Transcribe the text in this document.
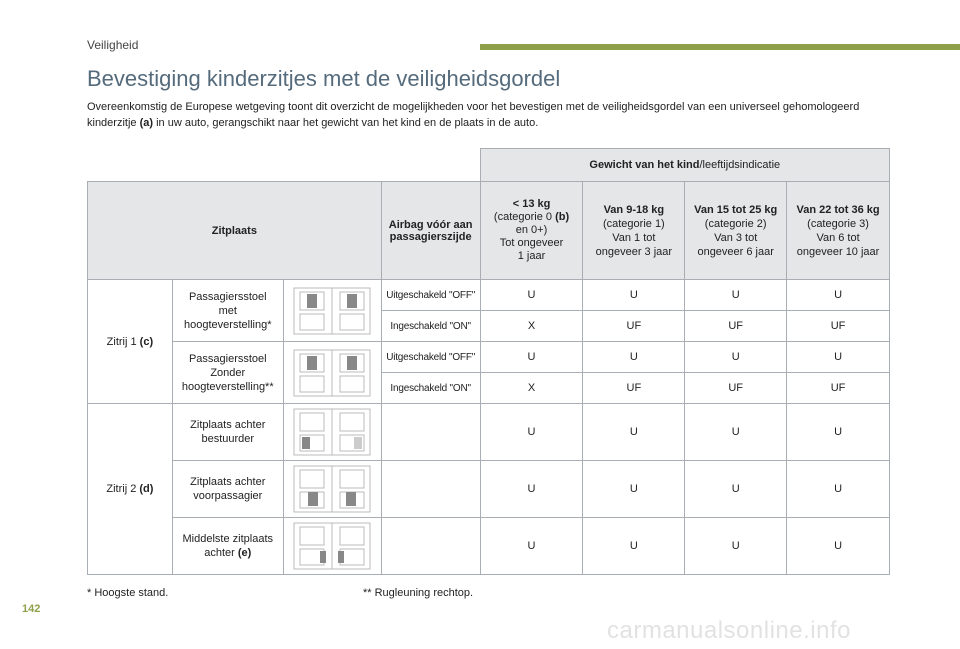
Veiligheid
Bevestiging kinderzitjes met de veiligheidsgordel

Overeenkomstig de Europese wetgeving toont dit overzicht de mogelijkheden voor het bevestigen met de veiligheidsgordel van een universeel gehomologeerd kinderzitje (a) in uw auto, gerangschikt naar het gewicht van het kind en de plaats in de auto.

				Gewicht van het kind/leeftijdsindicatie			
Zitplaats			Airbag vóór aan passagierszijde	< 13 kg
(categorie 0 (b)
en 0+)
Tot ongeveer
1 jaar	Van 9-18 kg
(categorie 1)
Van 1 tot
ongeveer 3 jaar	Van 15 tot 25 kg
(categorie 2)
Van 3 tot
ongeveer 6 jaar	Van 22 tot 36 kg
(categorie 3)
Van 6 tot
ongeveer 10 jaar
Zitrij 1 (c)	Passagiersstoel
met
hoogteverstelling*		Uitgeschakeld "OFF"	U	U	U	U
			Ingeschakeld "ON"	X	UF	UF	UF
	Passagiersstoel
Zonder
hoogteverstelling**		Uitgeschakeld "OFF"	U	U	U	U
			Ingeschakeld "ON"	X	UF	UF	UF
Zitrij 2 (d)	Zitplaats achter
bestuurder			U	U	U	U
	Zitplaats achter
voorpassagier			U	U	U	U
	Middelste zitplaats
achter (e)			U	U	U	U
* Hoogste stand.	** Rugleuning rechtop.
142
carmanualsonline.info
